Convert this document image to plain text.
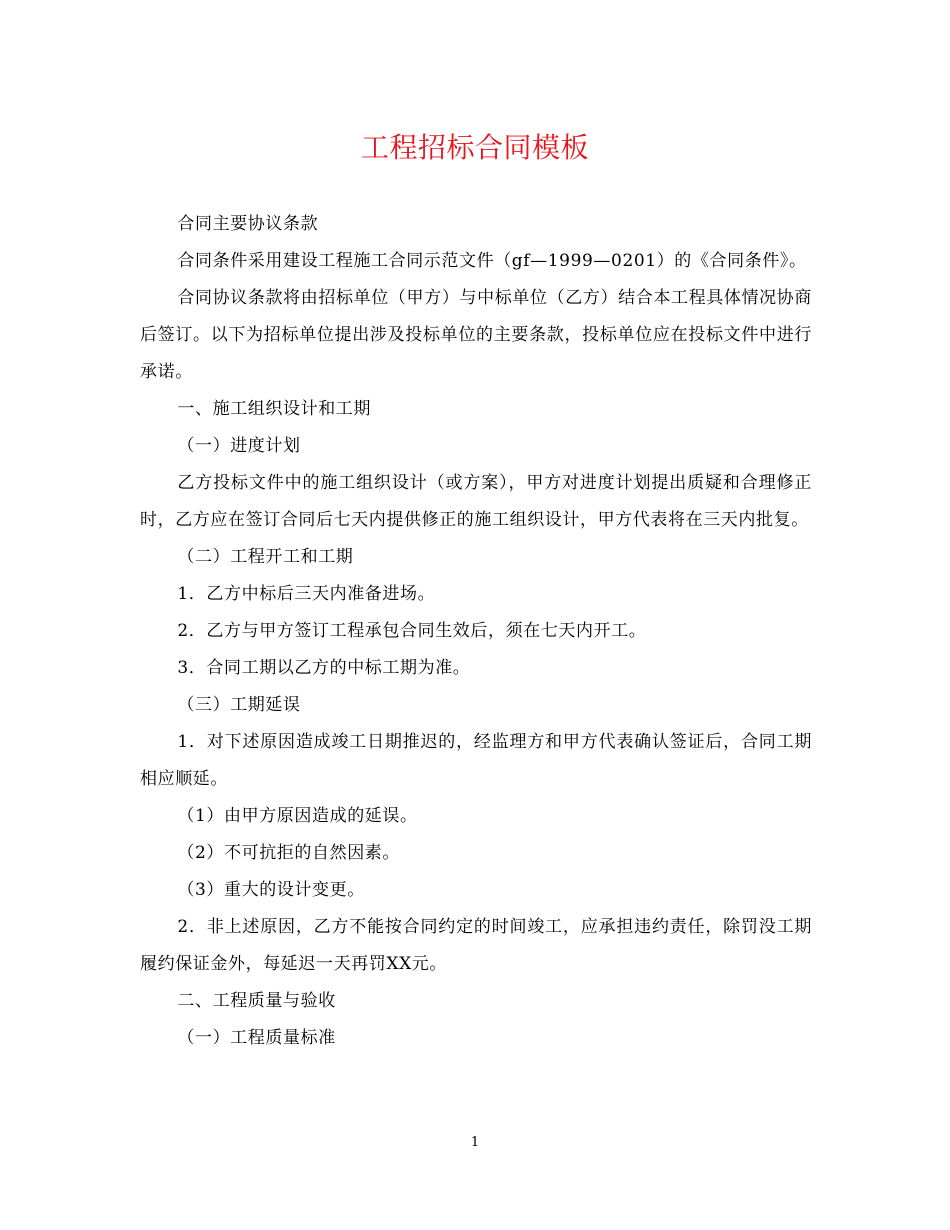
工程招标合同模板

合同主要协议条款

合同条件采用建设工程施工合同示范文件（gf—1999—0201）的《合同条件》。

合同协议条款将由招标单位（甲方）与中标单位（乙方）结合本工程具体情况协商后签订。以下为招标单位提出涉及投标单位的主要条款，投标单位应在投标文件中进行承诺。

一、施工组织设计和工期

（一）进度计划

乙方投标文件中的施工组织设计（或方案），甲方对进度计划提出质疑和合理修正时，乙方应在签订合同后七天内提供修正的施工组织设计，甲方代表将在三天内批复。

（二）工程开工和工期

1．乙方中标后三天内准备进场。

2．乙方与甲方签订工程承包合同生效后，须在七天内开工。

3．合同工期以乙方的中标工期为准。

（三）工期延误

1．对下述原因造成竣工日期推迟的，经监理方和甲方代表确认签证后，合同工期相应顺延。

（1）由甲方原因造成的延误。

（2）不可抗拒的自然因素。

（3）重大的设计变更。

2．非上述原因，乙方不能按合同约定的时间竣工，应承担违约责任，除罚没工期履约保证金外，每延迟一天再罚XX元。

二、工程质量与验收

（一）工程质量标准

1
